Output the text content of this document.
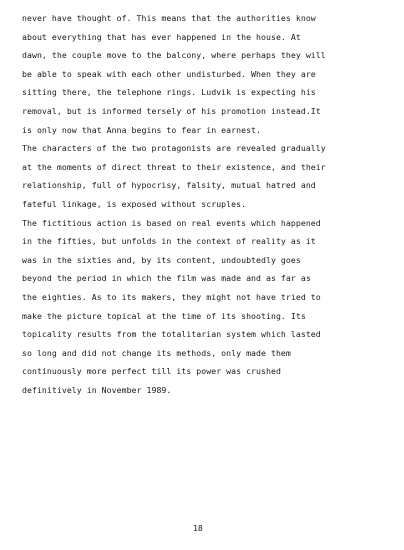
never have thought of. This means that the authorities know
about everything that has ever happened in the house. At
dawn, the couple move to the balcony, where perhaps they will
be able to speak with each other undisturbed. When they are
sitting there, the telephone rings. Ludvik is expecting his
removal, but is informed tersely of his promotion instead.It
is only now that Anna begins to fear in earnest.
The characters of the two protagonists are revealed gradually
at the moments of direct threat to their existence, and their
relationship, full of hypocrisy, falsity, mutual hatred and
fateful linkage, is exposed without scruples.
The fictitious action is based on real events which happened
in the fifties, but unfolds in the context of reality as it
was in the sixties and, by its content, undoubtedly goes
beyond the period in which the film was made and as far as
the eighties. As to its makers, they might not have tried to
make the picture topical at the time of its shooting. Its
topicality results from the totalitarian system which lasted
so long and did not change its methods, only made them
continuously more perfect till its power was crushed
definitively in November 1989.
18
